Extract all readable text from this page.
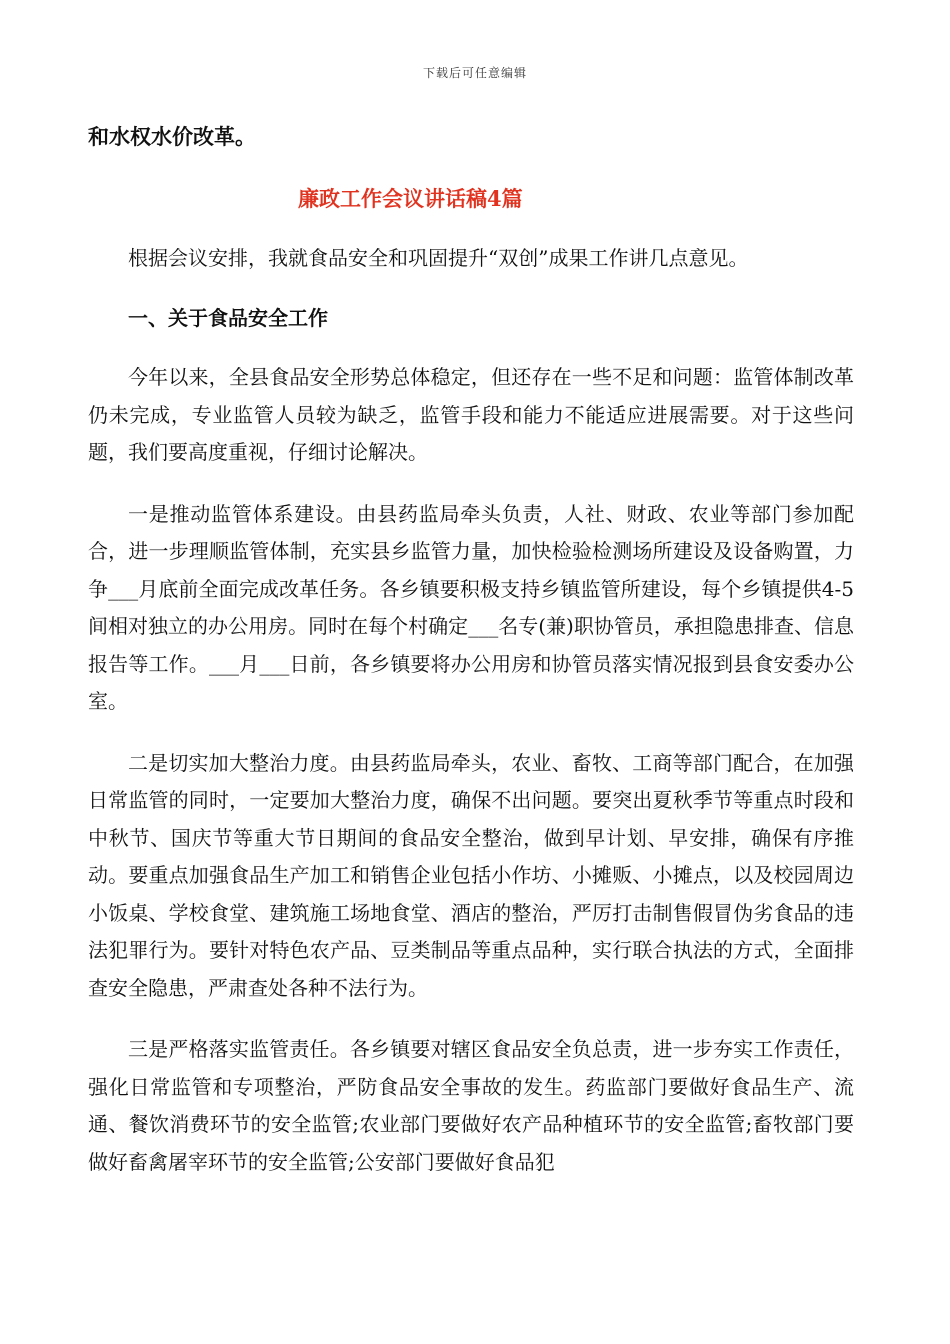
下载后可任意编辑

和水权水价改革。

廉政工作会议讲话稿4篇

根据会议安排，我就食品安全和巩固提升“双创”成果工作讲几点意见。

一、关于食品安全工作

今年以来，全县食品安全形势总体稳定，但还存在一些不足和问题：监管体制改革仍未完成，专业监管人员较为缺乏，监管手段和能力不能适应进展需要。对于这些问题，我们要高度重视，仔细讨论解决。

一是推动监管体系建设。由县药监局牵头负责，人社、财政、农业等部门参加配合，进一步理顺监管体制，充实县乡监管力量，加快检验检测场所建设及设备购置，力争___月底前全面完成改革任务。各乡镇要积极支持乡镇监管所建设，每个乡镇提供4-5间相对独立的办公用房。同时在每个村确定___名专(兼)职协管员，承担隐患排查、信息报告等工作。___月___日前，各乡镇要将办公用房和协管员落实情况报到县食安委办公室。

二是切实加大整治力度。由县药监局牵头，农业、畜牧、工商等部门配合，在加强日常监管的同时，一定要加大整治力度，确保不出问题。要突出夏秋季节等重点时段和中秋节、国庆节等重大节日期间的食品安全整治，做到早计划、早安排，确保有序推动。要重点加强食品生产加工和销售企业包括小作坊、小摊贩、小摊点，以及校园周边小饭桌、学校食堂、建筑施工场地食堂、酒店的整治，严厉打击制售假冒伪劣食品的违法犯罪行为。要针对特色农产品、豆类制品等重点品种，实行联合执法的方式，全面排查安全隐患，严肃查处各种不法行为。

三是严格落实监管责任。各乡镇要对辖区食品安全负总责，进一步夯实工作责任，强化日常监管和专项整治，严防食品安全事故的发生。药监部门要做好食品生产、流通、餐饮消费环节的安全监管;农业部门要做好农产品种植环节的安全监管;畜牧部门要做好畜禽屠宰环节的安全监管;公安部门要做好食品犯
